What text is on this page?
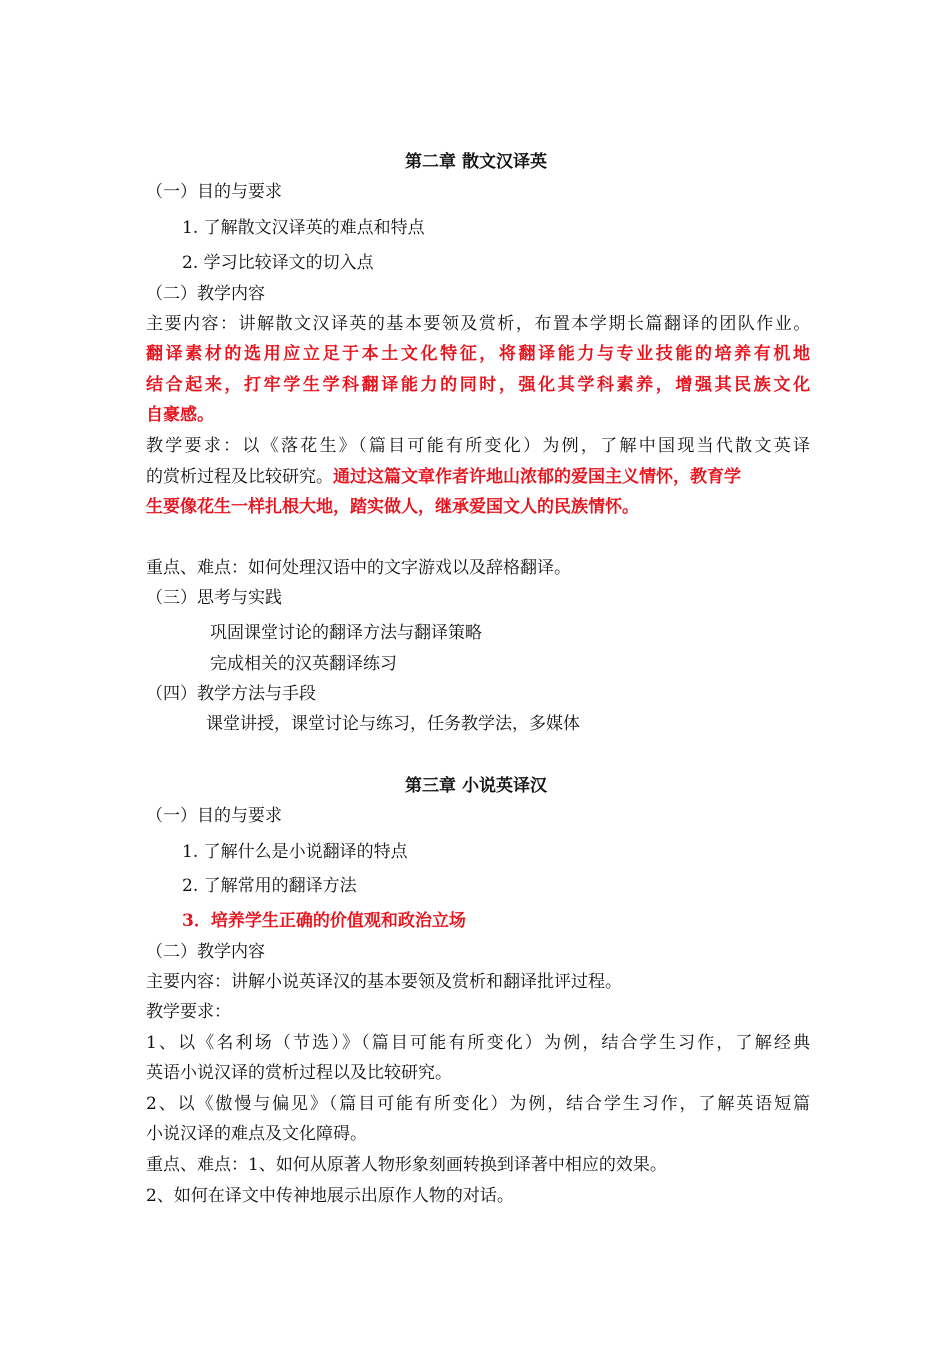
第二章 散文汉译英
（一）目的与要求
1. 了解散文汉译英的难点和特点
2. 学习比较译文的切入点
（二）教学内容
主要内容：讲解散文汉译英的基本要领及赏析，布置本学期长篇翻译的团队作业。
翻译素材的选用应立足于本土文化特征，将翻译能力与专业技能的培养有机地
结合起来，打牢学生学科翻译能力的同时，强化其学科素养，增强其民族文化
自豪感。
教学要求：以《落花生》（篇目可能有所变化）为例，了解中国现当代散文英译
的赏析过程及比较研究。通过这篇文章作者许地山浓郁的爱国主义情怀，教育学
生要像花生一样扎根大地，踏实做人，继承爱国文人的民族情怀。
重点、难点：如何处理汉语中的文字游戏以及辞格翻译。
（三）思考与实践
巩固课堂讨论的翻译方法与翻译策略
完成相关的汉英翻译练习
（四）教学方法与手段
课堂讲授，课堂讨论与练习，任务教学法，多媒体
第三章 小说英译汉
（一）目的与要求
1. 了解什么是小说翻译的特点
2. 了解常用的翻译方法
3．培养学生正确的价值观和政治立场
（二）教学内容
主要内容：讲解小说英译汉的基本要领及赏析和翻译批评过程。
教学要求：
1、以《名利场（节选）》（篇目可能有所变化）为例，结合学生习作，了解经典
英语小说汉译的赏析过程以及比较研究。
2、以《傲慢与偏见》（篇目可能有所变化）为例，结合学生习作，了解英语短篇
小说汉译的难点及文化障碍。
重点、难点：1、如何从原著人物形象刻画转换到译著中相应的效果。
2、如何在译文中传神地展示出原作人物的对话。
